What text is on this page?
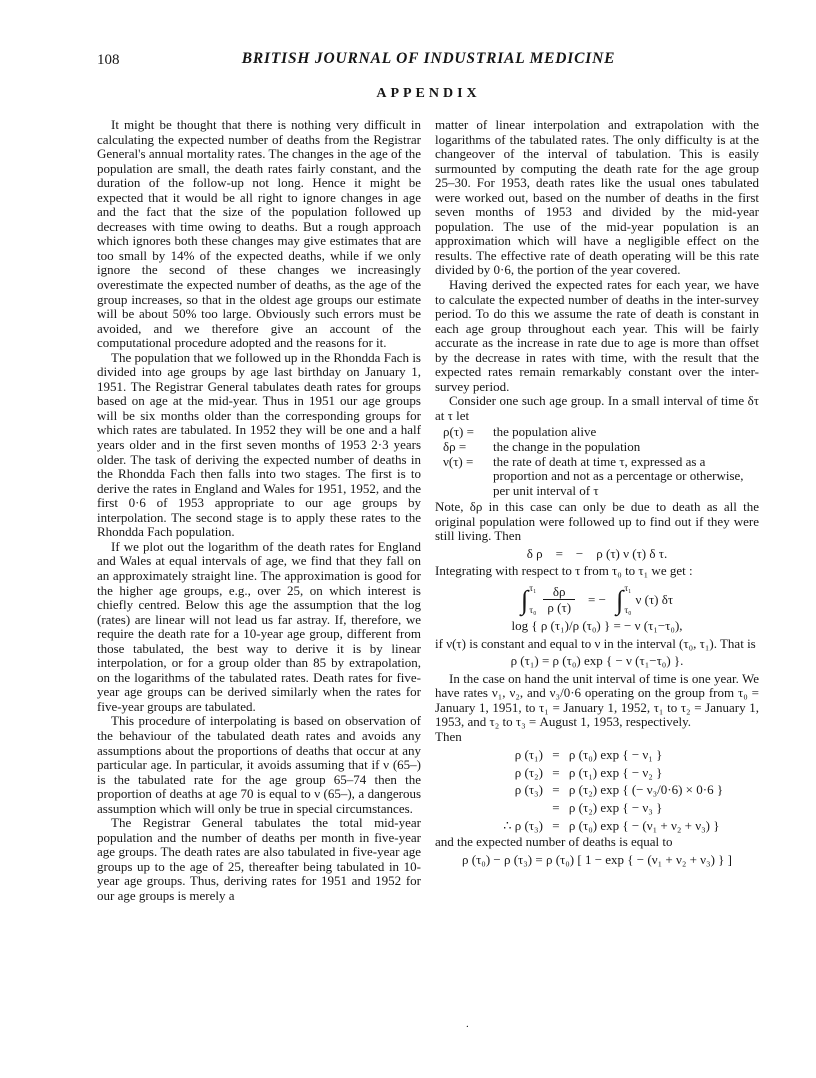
108	BRITISH JOURNAL OF INDUSTRIAL MEDICINE
APPENDIX

It might be thought that there is nothing very difficult in calculating the expected number of deaths from the Registrar General's annual mortality rates. The changes in the age of the population are small, the death rates fairly constant, and the duration of the follow-up not long. Hence it might be expected that it would be all right to ignore changes in age and the fact that the size of the population followed up decreases with time owing to deaths. But a rough approach which ignores both these changes may give estimates that are too small by 14% of the expected deaths, while if we only ignore the second of these changes we increasingly overestimate the expected number of deaths, as the age of the group increases, so that in the oldest age groups our estimate will be about 50% too large. Obviously such errors must be avoided, and we therefore give an account of the computational procedure adopted and the reasons for it.

The population that we followed up in the Rhondda Fach is divided into age groups by age last birthday on January 1, 1951. The Registrar General tabulates death rates for groups based on age at the mid-year. Thus in 1951 our age groups will be six months older than the corresponding groups for which rates are tabulated. In 1952 they will be one and a half years older and in the first seven months of 1953 2·3 years older. The task of deriving the expected number of deaths in the Rhondda Fach then falls into two stages. The first is to derive the rates in England and Wales for 1951, 1952, and the first 0·6 of 1953 appropriate to our age groups by interpolation. The second stage is to apply these rates to the Rhondda Fach population.

If we plot out the logarithm of the death rates for England and Wales at equal intervals of age, we find that they fall on an approximately straight line. The approximation is good for the higher age groups, e.g., over 25, on which interest is chiefly centred. Below this age the assumption that the log (rates) are linear will not lead us far astray. If, therefore, we require the death rate for a 10-year age group, different from those tabulated, the best way to derive it is by linear interpolation, or for a group older than 85 by extrapolation, on the logarithms of the tabulated rates. Death rates for five-year age groups can be derived similarly when the rates for five-year groups are tabulated.

This procedure of interpolating is based on observation of the behaviour of the tabulated death rates and avoids any assumptions about the proportions of deaths that occur at any particular age. In particular, it avoids assuming that if ν (65–) is the tabulated rate for the age group 65–74 then the proportion of deaths at age 70 is equal to ν (65–), a dangerous assumption which will only be true in special circumstances.

The Registrar General tabulates the total mid-year population and the number of deaths per month in five-year age groups. The death rates are also tabulated in five-year age groups up to the age of 25, thereafter being tabulated in 10-year age groups. Thus, deriving rates for 1951 and 1952 for our age groups is merely a

matter of linear interpolation and extrapolation with the logarithms of the tabulated rates. The only difficulty is at the changeover of the interval of tabulation. This is easily surmounted by computing the death rate for the age group 25–30. For 1953, death rates like the usual ones tabulated were worked out, based on the number of deaths in the first seven months of 1953 and divided by the mid-year population. The use of the mid-year population is an approximation which will have a negligible effect on the results. The effective rate of death operating will be this rate divided by 0·6, the portion of the year covered.

Having derived the expected rates for each year, we have to calculate the expected number of deaths in the inter-survey period. To do this we assume the rate of death is constant in each age group throughout each year. This will be fairly accurate as the increase in rate due to age is more than offset by the decrease in rates with time, with the result that the expected rates remain remarkably constant over the inter-survey period.

Consider one such age group. In a small interval of time δτ at τ let

ρ(τ) =	the population alive
δρ =	the change in the population
ν(τ) =	the rate of death at time τ, expressed as a proportion and not as a percentage or otherwise, per unit interval of τ

Note, δρ in this case can only be due to death as all the original population were followed up to find out if they were still living. Then

δ ρ    =    −    ρ (τ) ν (τ) δ τ.

Integrating with respect to τ from τ₀ to τ₁ we get :

∫ τ₁
$\tau_0 \frac{\delta\rho}{\rho (\tau)}$ = − ∫ τ₁
τ₀
ν (τ) δτ
log { ρ (τ₁)/ρ (τ₀) } = − ν (τ₁−τ₀),

if ν(τ) is constant and equal to ν in the interval (τ₀, τ₁). That is

ρ (τ₁) = ρ (τ₀) exp { − ν (τ₁−τ₀) }.

In the case on hand the unit interval of time is one year. We have rates ν₁, ν₂, and ν₃/0·6 operating on the group from τ₀ = January 1, 1951, to τ₁ = January 1, 1952, τ₁ to τ₂ = January 1, 1953, and τ₂ to τ₃ = August 1, 1953, respectively.

Then

ρ (τ₁) = ρ (τ₀) exp { − ν₁ }
ρ (τ₂) = ρ (τ₁) exp { − ν₂ }
ρ (τ₃) = ρ (τ₂) exp { (− ν₃/0·6) × 0·6 }
= ρ (τ₂) exp { − ν₃ }
∴ ρ (τ₃) = ρ (τ₀) exp { − (ν₁ + ν₂ + ν₃) }

and the expected number of deaths is equal to

ρ (τ₀) − ρ (τ₃) = ρ (τ₀) [ 1 − exp { − (ν₁ + ν₂ + ν₃) } ]
.
